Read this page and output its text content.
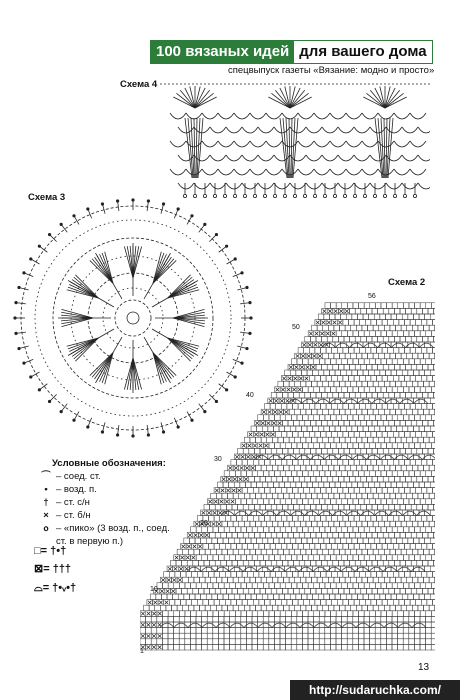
100 вязаных идей для вашего дома
спецвыпуск газеты «Вязание: модно и просто»
Схема 4
Схема 3
Схема 2
56
50
40
30
20
10
1
Условные обозначения:
⌒ – соед. ст.
• – возд. п.
† – ст. с/н
× – ст. б/н
ⲟ – «пико» (3 возд. п., соед.
ст. в первую п.)
□= †•†
⊠= †††
⌓= †•ᵥ•†
13
http://sudaruchka.com/
